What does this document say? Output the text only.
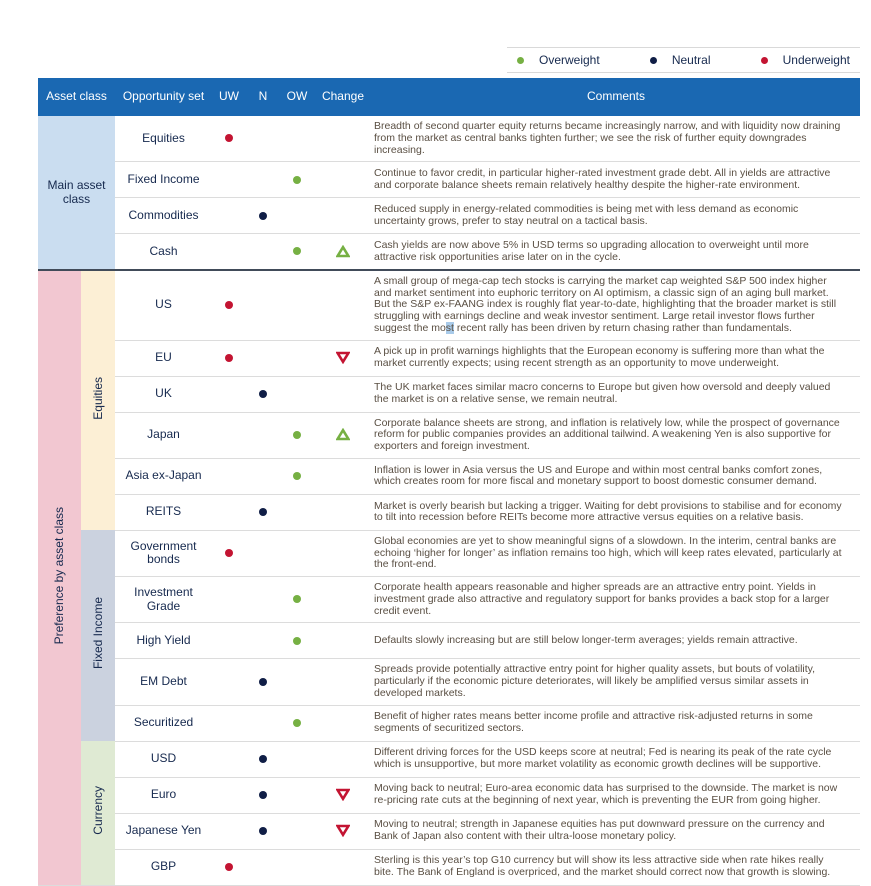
Overweight	Neutral	Underweight
Asset class		Opportunity set	UW	N	OW	Change	Comments
Main asset class		Equities					Breadth of second quarter equity returns became increasingly narrow, and with liquidity now draining from the market as central banks tighten further; we see the risk of further equity downgrades increasing.
		Fixed Income					Continue to favor credit, in particular higher-rated investment grade debt. All in yields are attractive and corporate balance sheets remain relatively healthy despite the higher-rate environment.
		Commodities					Reduced supply in energy-related commodities is being met with less demand as economic uncertainty grows, prefer to stay neutral on a tactical basis.
		Cash					Cash yields are now above 5% in USD terms so upgrading allocation to overweight until more attractive risk opportunities arise later on in the cycle.
Preference by asset class	Equities	US					A small group of mega-cap tech stocks is carrying the market cap weighted S&P 500 index higher and market sentiment into euphoric territory on AI optimism, a classic sign of an aging bull market. But the S&P ex-FAANG index is roughly flat year-to-date, highlighting that the broader market is still struggling with earnings decline and weak investor sentiment. Large retail investor flows further suggest the most recent rally has been driven by return chasing rather than fundamentals.
		EU					A pick up in profit warnings highlights that the European economy is suffering more than what the market currently expects; using recent strength as an opportunity to move underweight.
		UK					The UK market faces similar macro concerns to Europe but given how oversold and deeply valued the market is on a relative sense, we remain neutral.
		Japan					Corporate balance sheets are strong, and inflation is relatively low, while the prospect of governance reform for public companies provides an additional tailwind. A weakening Yen is also supportive for exporters and foreign investment.
		Asia ex-Japan					Inflation is lower in Asia versus the US and Europe and within most central banks comfort zones, which creates room for more fiscal and monetary support to boost domestic consumer demand.
		REITS					Market is overly bearish but lacking a trigger. Waiting for debt provisions to stabilise and for economy to tilt into recession before REITs become more attractive versus equities on a relative basis.
	Fixed Income	Government bonds					Global economies are yet to show meaningful signs of a slowdown. In the interim, central banks are echoing ‘higher for longer’ as inflation remains too high, which will keep rates elevated, particularly at the front-end.
		Investment Grade					Corporate health appears reasonable and higher spreads are an attractive entry point. Yields in investment grade also attractive and regulatory support for banks provides a back stop for a larger credit event.
		High Yield					Defaults slowly increasing but are still below longer-term averages; yields remain attractive.
		EM Debt					Spreads provide potentially attractive entry point for higher quality assets, but bouts of volatility, particularly if the economic picture deteriorates, will likely be amplified versus similar assets in developed markets.
		Securitized					Benefit of higher rates means better income profile and attractive risk-adjusted returns in some segments of securitized sectors.
	Currency	USD					Different driving forces for the USD keeps score at neutral; Fed is nearing its peak of the rate cycle which is unsupportive, but more market volatility as economic growth declines will be supportive.
		Euro					Moving back to neutral; Euro-area economic data has surprised to the downside. The market is now re-pricing rate cuts at the beginning of next year, which is preventing the EUR from going higher.
		Japanese Yen					Moving to neutral; strength in Japanese equities has put downward pressure on the currency and Bank of Japan also content with their ultra-loose monetary policy.
		GBP					Sterling is this year’s top G10 currency but will show its less attractive side when rate hikes really bite. The Bank of England is overpriced, and the market should correct now that growth is slowing.
